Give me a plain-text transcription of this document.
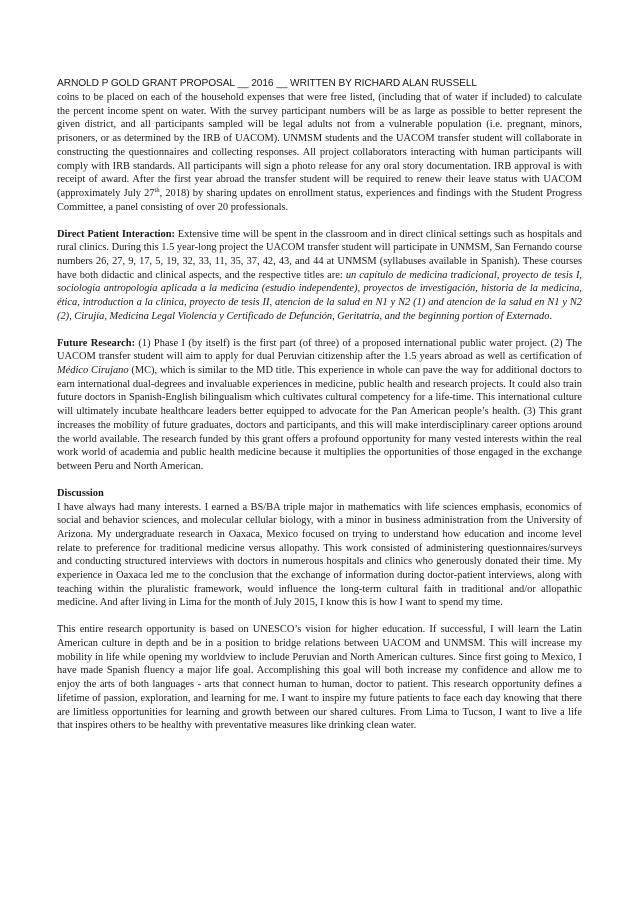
ARNOLD P GOLD GRANT PROPOSAL __ 2016 __ WRITTEN BY RICHARD ALAN RUSSELL

coins to be placed on each of the household expenses that were free listed, (including that of water if included) to calculate the percent income spent on water. With the survey participant numbers will be as large as possible to better represent the given district, and all participants sampled will be legal adults not from a vulnerable population (i.e. pregnant, minors, prisoners, or as determined by the IRB of UACOM). UNMSM students and the UACOM transfer student will collaborate in constructing the questionnaires and collecting responses. All project collaborators interacting with human participants will comply with IRB standards. All participants will sign a photo release for any oral story documentation. IRB approval is with receipt of award. After the first year abroad the transfer student will be required to renew their leave status with UACOM (approximately July 27th, 2018) by sharing updates on enrollment status, experiences and findings with the Student Progress Committee, a panel consisting of over 20 professionals.

Direct Patient Interaction: Extensive time will be spent in the classroom and in direct clinical settings such as hospitals and rural clinics. During this 1.5 year-long project the UACOM transfer student will participate in UNMSM, San Fernando course numbers 26, 27, 9, 17, 5, 19, 32, 33, 11, 35, 37, 42, 43, and 44 at UNMSM (syllabuses available in Spanish). These courses have both didactic and clinical aspects, and the respective titles are: un capítulo de medicina tradicional, proyecto de tesis I, sociología antropología aplicada a la medicina (estudio independente), proyectos de investigación, historia de la medicina, ética, introduction a la clinica, proyecto de tesis II, atencion de la salud en N1 y N2 (1) and atencion de la salud en N1 y N2 (2), Cirujía, Medicina Legal Violencía y Certificado de Defunción, Geritatría, and the beginning portion of Externado.

Future Research: (1) Phase I (by itself) is the first part (of three) of a proposed international public water project. (2) The UACOM transfer student will aim to apply for dual Peruvian citizenship after the 1.5 years abroad as well as certification of Médico Cirujano (MC), which is similar to the MD title. This experience in whole can pave the way for additional doctors to earn international dual-degrees and invaluable experiences in medicine, public health and research projects. It could also train future doctors in Spanish-English bilingualism which cultivates cultural competency for a life-time. This international culture will ultimately incubate healthcare leaders better equipped to advocate for the Pan American people’s health. (3) This grant increases the mobility of future graduates, doctors and participants, and this will make interdisciplinary career options around the world available. The research funded by this grant offers a profound opportunity for many vested interests within the real work world of academia and public health medicine because it multiplies the opportunities of those engaged in the exchange between Peru and North American.

Discussion

I have always had many interests. I earned a BS/BA triple major in mathematics with life sciences emphasis, economics of social and behavior sciences, and molecular cellular biology, with a minor in business administration from the University of Arizona. My undergraduate research in Oaxaca, Mexico focused on trying to understand how education and income level relate to preference for traditional medicine versus allopathy. This work consisted of administering questionnaires/surveys and conducting structured interviews with doctors in numerous hospitals and clinics who generously donated their time. My experience in Oaxaca led me to the conclusion that the exchange of information during doctor-patient interviews, along with teaching within the pluralistic framework, would influence the long-term cultural faith in traditional and/or allopathic medicine. And after living in Lima for the month of July 2015, I know this is how I want to spend my time.

This entire research opportunity is based on UNESCO’s vision for higher education. If successful, I will learn the Latin American culture in depth and be in a position to bridge relations between UACOM and UNMSM. This will increase my mobility in life while opening my worldview to include Peruvian and North American cultures. Since first going to Mexico, I have made Spanish fluency a major life goal. Accomplishing this goal will both increase my confidence and allow me to enjoy the arts of both languages - arts that connect human to human, doctor to patient. This research opportunity defines a lifetime of passion, exploration, and learning for me. I want to inspire my future patients to face each day knowing that there are limitless opportunities for learning and growth between our shared cultures. From Lima to Tucson, I want to live a life that inspires others to be healthy with preventative measures like drinking clean water.
